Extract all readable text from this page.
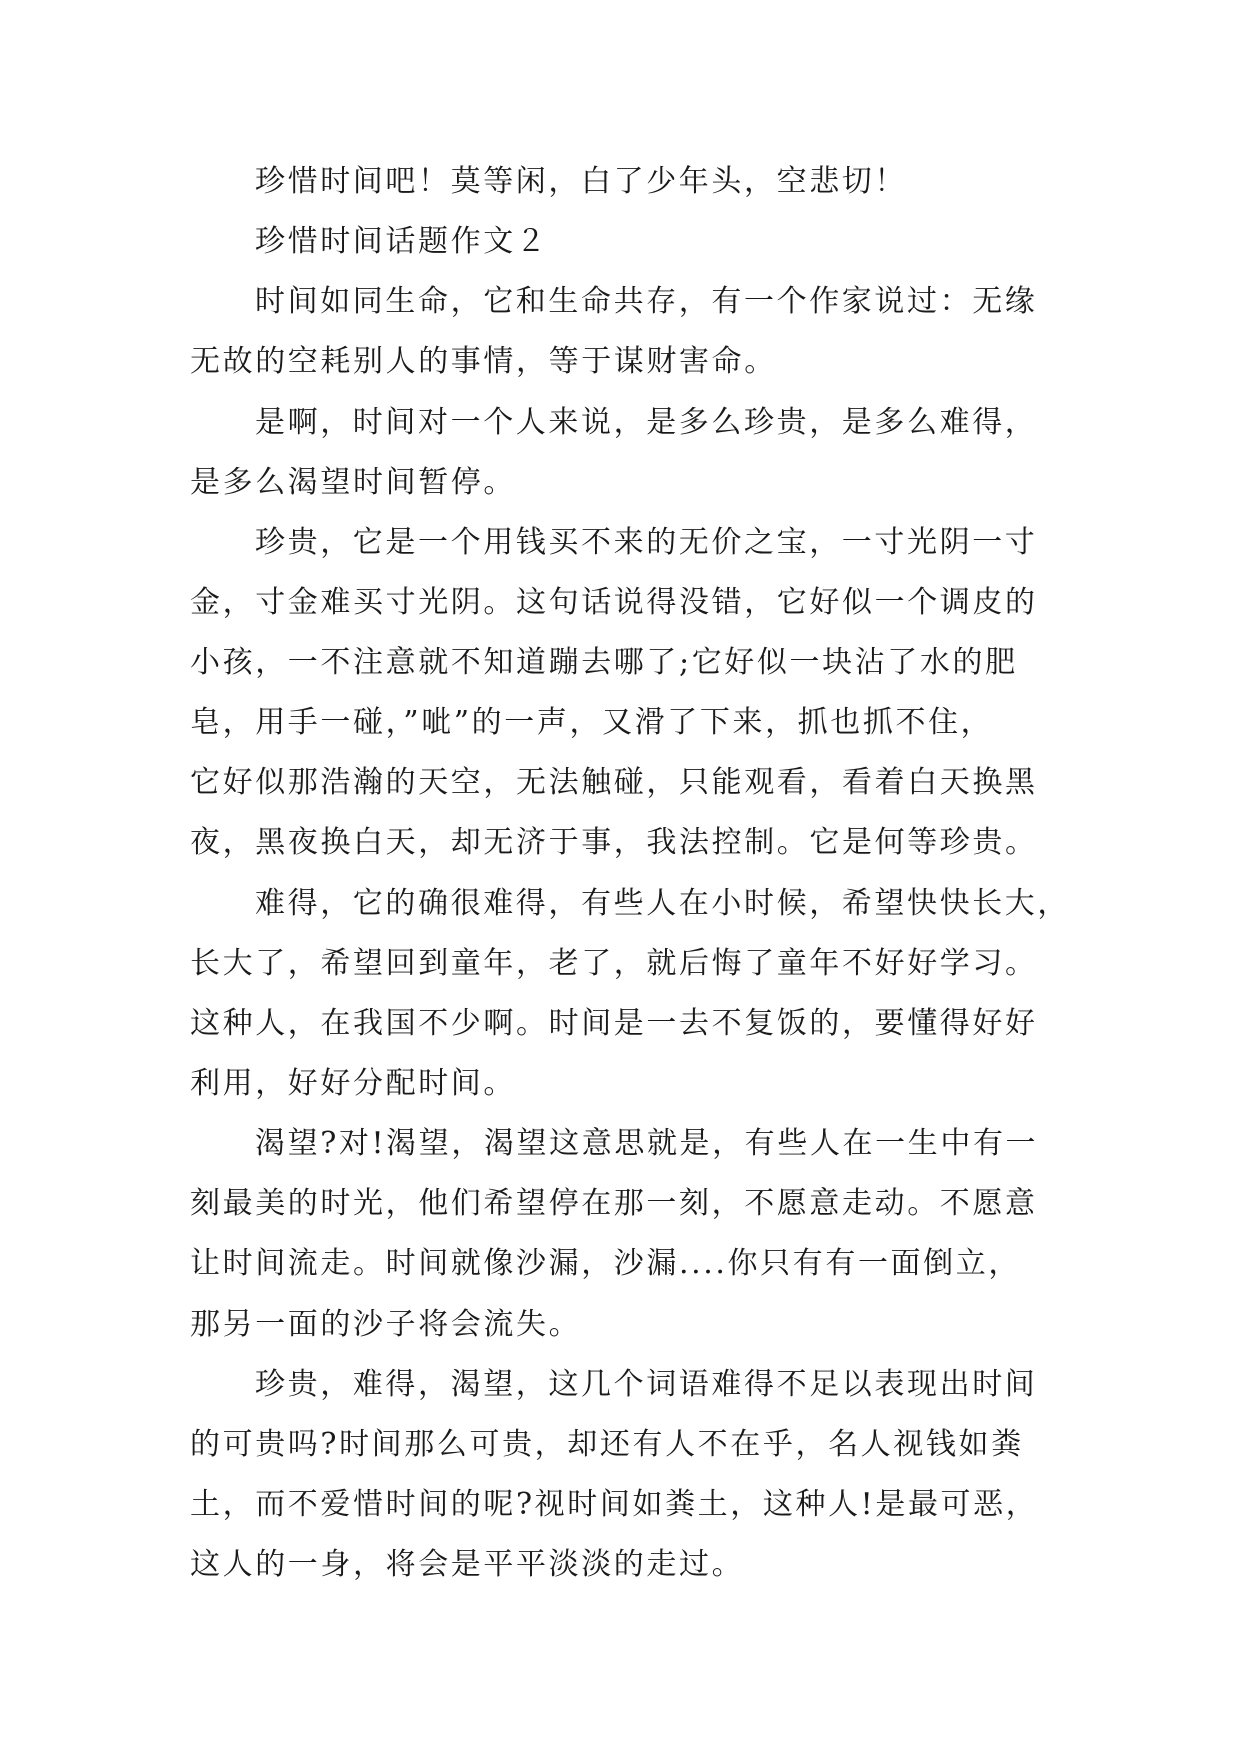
珍惜时间吧！莫等闲，白了少年头，空悲切！
珍惜时间话题作文２
时间如同生命，它和生命共存，有一个作家说过：无缘
无故的空耗别人的事情，等于谋财害命。
是啊，时间对一个人来说，是多么珍贵，是多么难得，
是多么渴望时间暂停。
珍贵，它是一个用钱买不来的无价之宝，一寸光阴一寸
金，寸金难买寸光阴。这句话说得没错，它好似一个调皮的
小孩，一不注意就不知道蹦去哪了;它好似一块沾了水的肥
皂，用手一碰，”呲”的一声，又滑了下来，抓也抓不住，
它好似那浩瀚的天空，无法触碰，只能观看，看着白天换黑
夜，黑夜换白天，却无济于事，我法控制。它是何等珍贵。
难得，它的确很难得，有些人在小时候，希望快快长大，
长大了，希望回到童年，老了，就后悔了童年不好好学习。
这种人，在我国不少啊。时间是一去不复饭的，要懂得好好
利用，好好分配时间。
渴望?对!渴望，渴望这意思就是，有些人在一生中有一
刻最美的时光，他们希望停在那一刻，不愿意走动。不愿意
让时间流走。时间就像沙漏，沙漏....你只有有一面倒立，
那另一面的沙子将会流失。
珍贵，难得，渴望，这几个词语难得不足以表现出时间
的可贵吗?时间那么可贵，却还有人不在乎，名人视钱如粪
土，而不爱惜时间的呢?视时间如粪土，这种人!是最可恶，
这人的一身，将会是平平淡淡的走过。
